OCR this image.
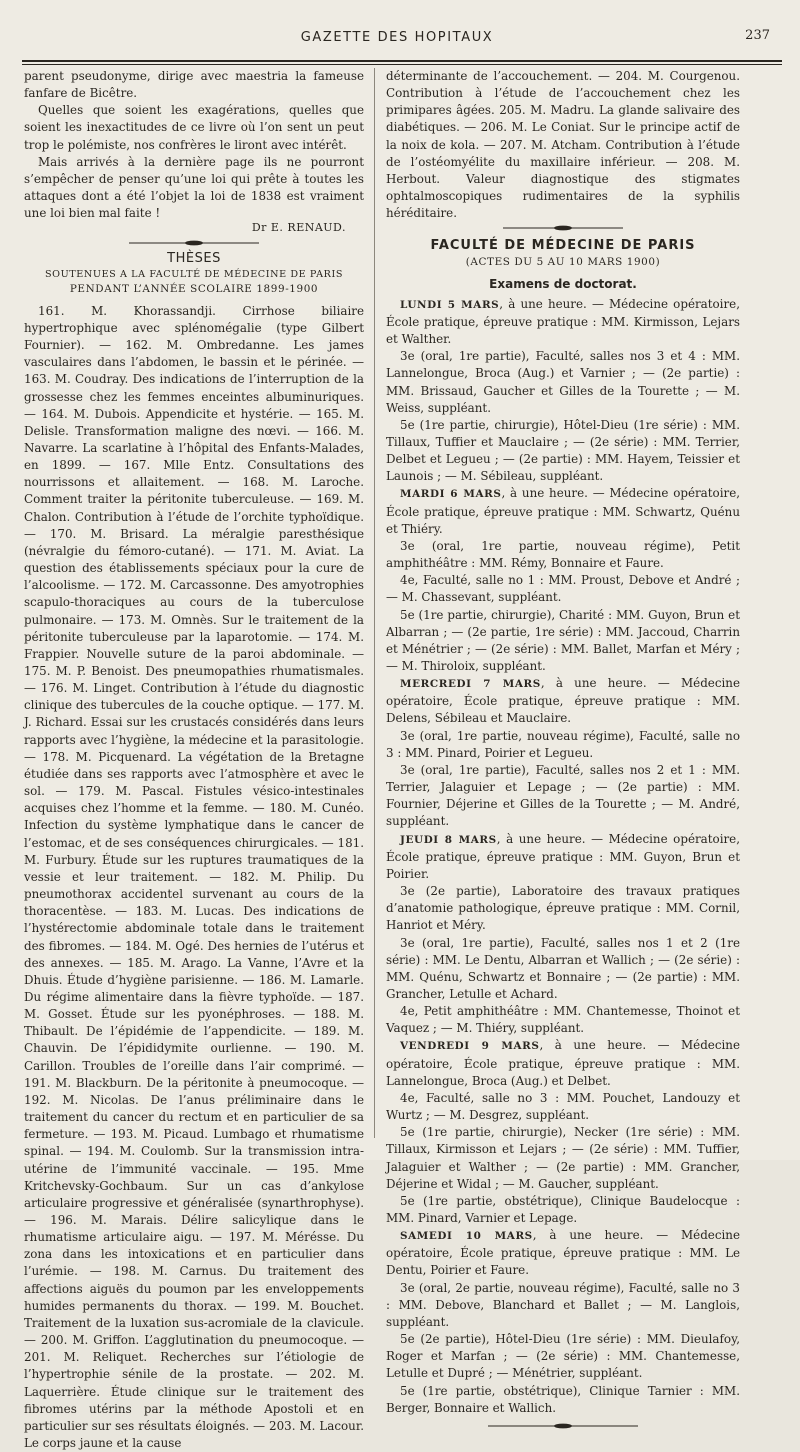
GAZETTE DES HOPITAUX	237

parent pseudonyme, dirige avec maestria la fameuse fanfare de Bicêtre.

Quelles que soient les exagérations, quelles que soient les inexactitudes de ce livre où l’on sent un peut trop le polémiste, nos confrères le liront avec intérêt.

Mais arrivés à la dernière page ils ne pourront s’empêcher de penser qu’une loi qui prête à toutes les attaques dont a été l’objet la loi de 1838 est vraiment une loi bien mal faite !

Dr E. RENAUD.

THÈSES
SOUTENUES A LA FACULTÉ DE MÉDECINE DE PARIS
PENDANT L’ANNÉE SCOLAIRE 1899-1900

161. M. Khorassandji. Cirrhose biliaire hypertrophique avec splénomégalie (type Gilbert Fournier). — 162. M. Ombredanne. Les james vasculaires dans l’abdomen, le bassin et le périnée. — 163. M. Coudray. Des indications de l’interruption de la grossesse chez les femmes enceintes albuminuriques. — 164. M. Dubois. Appendicite et hystérie. — 165. M. Delisle. Transformation maligne des nœvi. — 166. M. Navarre. La scarlatine à l’hôpital des Enfants-Malades, en 1899. — 167. Mlle Entz. Consultations des nourrissons et allaitement. — 168. M. Laroche. Comment traiter la péritonite tuberculeuse. — 169. M. Chalon. Contribution à l’étude de l’orchite typhoïdique. — 170. M. Brisard. La méralgie paresthésique (névralgie du fémoro-cutané). — 171. M. Aviat. La question des établissements spéciaux pour la cure de l’alcoolisme. — 172. M. Carcassonne. Des amyotrophies scapulo-thoraciques au cours de la tuberculose pulmonaire. — 173. M. Omnès. Sur le traitement de la péritonite tuberculeuse par la laparotomie. — 174. M. Frappier. Nouvelle suture de la paroi abdominale. — 175. M. P. Benoist. Des pneumopathies rhumatismales. — 176. M. Linget. Contribution à l’étude du diagnostic clinique des tubercules de la couche optique. — 177. M. J. Richard. Essai sur les crustacés considérés dans leurs rapports avec l’hygiène, la médecine et la parasitologie. — 178. M. Picquenard. La végétation de la Bretagne étudiée dans ses rapports avec l’atmosphère et avec le sol. — 179. M. Pascal. Fistules vésico-intestinales acquises chez l’homme et la femme. — 180. M. Cunéo. Infection du système lymphatique dans le cancer de l’estomac, et de ses conséquences chirurgicales. — 181. M. Furbury. Étude sur les ruptures traumatiques de la vessie et leur traitement. — 182. M. Philip. Du pneumothorax accidentel survenant au cours de la thoracentèse. — 183. M. Lucas. Des indications de l’hystérectomie abdominale totale dans le traitement des fibromes. — 184. M. Ogé. Des hernies de l’utérus et des annexes. — 185. M. Arago. La Vanne, l’Avre et la Dhuis. Étude d’hygiène parisienne. — 186. M. Lamarle. Du régime alimentaire dans la fièvre typhoïde. — 187. M. Gosset. Étude sur les pyonéphroses. — 188. M. Thibault. De l’épidémie de l’appendicite. — 189. M. Chauvin. De l’épididymite ourlienne. — 190. M. Carillon. Troubles de l’oreille dans l’air comprimé. — 191. M. Blackburn. De la péritonite à pneumocoque. — 192. M. Nicolas. De l’anus préliminaire dans le traitement du cancer du rectum et en particulier de sa fermeture. — 193. M. Picaud. Lumbago et rhumatisme spinal. — 194. M. Coulomb. Sur la transmission intra-utérine de l’immunité vaccinale. — 195. Mme Kritchevsky-Gochbaum. Sur un cas d’ankylose articulaire progressive et généralisée (synarthrophyse). — 196. M. Marais. Délire salicylique dans le rhumatisme articulaire aigu. — 197. M. Mérésse. Du zona dans les intoxications et en particulier dans l’urémie. — 198. M. Carnus. Du traitement des affections aiguës du poumon par les enveloppements humides permanents du thorax. — 199. M. Bouchet. Traitement de la luxation sus-acromiale de la clavicule. — 200. M. Griffon. L’agglutination du pneumocoque. — 201. M. Reliquet. Recherches sur l’étiologie de l’hypertrophie sénile de la prostate. — 202. M. Laquerrière. Étude clinique sur le traitement des fibromes utérins par la méthode Apostoli et en particulier sur ses résultats éloignés. — 203. M. Lacour. Le corps jaune et la cause

déterminante de l’accouchement. — 204. M. Courgenou. Contribution à l’étude de l’accouchement chez les primipares âgées. 205. M. Madru. La glande salivaire des diabétiques. — 206. M. Le Coniat. Sur le principe actif de la noix de kola. — 207. M. Atcham. Contribution à l’étude de l’ostéomyélite du maxillaire inférieur. — 208. M. Herbout. Valeur diagnostique des stigmates ophtalmoscopiques rudimentaires de la syphilis héréditaire.

FACULTÉ DE MÉDECINE DE PARIS
(ACTES DU 5 AU 10 MARS 1900)
Examens de doctorat.

LUNDI 5 MARS, à une heure. — Médecine opératoire, École pratique, épreuve pratique : MM. Kirmisson, Lejars et Walther.

3e (oral, 1re partie), Faculté, salles nos 3 et 4 : MM. Lannelongue, Broca (Aug.) et Varnier ; — (2e partie) : MM. Brissaud, Gaucher et Gilles de la Tourette ; — M. Weiss, suppléant.

5e (1re partie, chirurgie), Hôtel-Dieu (1re série) : MM. Tillaux, Tuffier et Mauclaire ; — (2e série) : MM. Terrier, Delbet et Legueu ; — (2e partie) : MM. Hayem, Teissier et Launois ; — M. Sébileau, suppléant.

MARDI 6 MARS, à une heure. — Médecine opératoire, École pratique, épreuve pratique : MM. Schwartz, Quénu et Thiéry.

3e (oral, 1re partie, nouveau régime), Petit amphithéâtre : MM. Rémy, Bonnaire et Faure.

4e, Faculté, salle no 1 : MM. Proust, Debove et André ; — M. Chassevant, suppléant.

5e (1re partie, chirurgie), Charité : MM. Guyon, Brun et Albarran ; — (2e partie, 1re série) : MM. Jaccoud, Charrin et Ménétrier ; — (2e série) : MM. Ballet, Marfan et Méry ; — M. Thiroloix, suppléant.

MERCREDI 7 MARS, à une heure. — Médecine opératoire, École pratique, épreuve pratique : MM. Delens, Sébileau et Mauclaire.

3e (oral, 1re partie, nouveau régime), Faculté, salle no 3 : MM. Pinard, Poirier et Legueu.

3e (oral, 1re partie), Faculté, salles nos 2 et 1 : MM. Terrier, Jalaguier et Lepage ; — (2e partie) : MM. Fournier, Déjerine et Gilles de la Tourette ; — M. André, suppléant.

JEUDI 8 MARS, à une heure. — Médecine opératoire, École pratique, épreuve pratique : MM. Guyon, Brun et Poirier.

3e (2e partie), Laboratoire des travaux pratiques d’anatomie pathologique, épreuve pratique : MM. Cornil, Hanriot et Méry.

3e (oral, 1re partie), Faculté, salles nos 1 et 2 (1re série) : MM. Le Dentu, Albarran et Wallich ; — (2e série) : MM. Quénu, Schwartz et Bonnaire ; — (2e partie) : MM. Grancher, Letulle et Achard.

4e, Petit amphithéâtre : MM. Chantemesse, Thoinot et Vaquez ; — M. Thiéry, suppléant.

VENDREDI 9 MARS, à une heure. — Médecine opératoire, École pratique, épreuve pratique : MM. Lannelongue, Broca (Aug.) et Delbet.

4e, Faculté, salle no 3 : MM. Pouchet, Landouzy et Wurtz ; — M. Desgrez, suppléant.

5e (1re partie, chirurgie), Necker (1re série) : MM. Tillaux, Kirmisson et Lejars ; — (2e série) : MM. Tuffier, Jalaguier et Walther ; — (2e partie) : MM. Grancher, Déjerine et Widal ; — M. Gaucher, suppléant.

5e (1re partie, obstétrique), Clinique Baudelocque : MM. Pinard, Varnier et Lepage.

SAMEDI 10 MARS, à une heure. — Médecine opératoire, École pratique, épreuve pratique : MM. Le Dentu, Poirier et Faure.

3e (oral, 2e partie, nouveau régime), Faculté, salle no 3 : MM. Debove, Blanchard et Ballet ; — M. Langlois, suppléant.

5e (2e partie), Hôtel-Dieu (1re série) : MM. Dieulafoy, Roger et Marfan ; — (2e série) : MM. Chantemesse, Letulle et Dupré ; — Ménétrier, suppléant.

5e (1re partie, obstétrique), Clinique Tarnier : MM. Berger, Bonnaire et Wallich.
